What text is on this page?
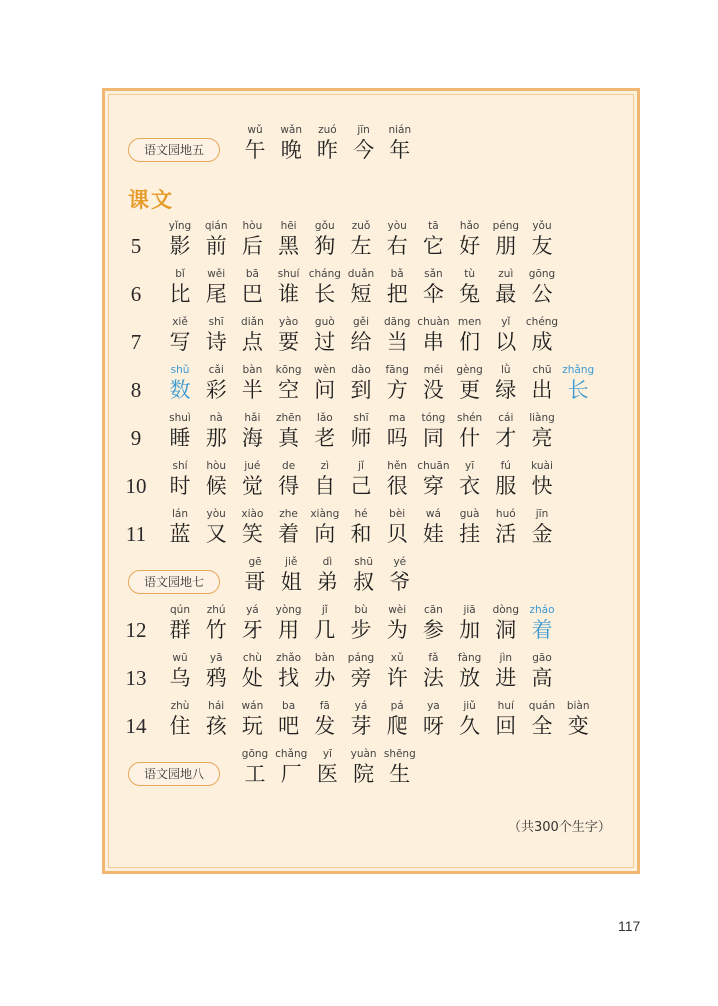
课文
语文园地五
wǔ
午
wǎn
晚
zuó
昨
jīn
今
nián
年
5
yǐng
影
qián
前
hòu
后
hēi
黑
gǒu
狗
zuǒ
左
yòu
右
tā
它
hǎo
好
péng
朋
yǒu
友
6
bǐ
比
wěi
尾
bā
巴
shuí
谁
cháng
长
duǎn
短
bǎ
把
sǎn
伞
tù
兔
zuì
最
gōng
公
7
xiě
写
shī
诗
diǎn
点
yào
要
guò
过
gěi
给
dāng
当
chuàn
串
men
们
yǐ
以
chéng
成
8
shǔ
数
cǎi
彩
bàn
半
kōng
空
wèn
问
dào
到
fāng
方
méi
没
gèng
更
lǜ
绿
chū
出
zhǎng
长
9
shuì
睡
nà
那
hǎi
海
zhēn
真
lǎo
老
shī
师
ma
吗
tóng
同
shén
什
cái
才
liàng
亮
10
shí
时
hòu
候
jué
觉
de
得
zì
自
jǐ
己
hěn
很
chuān
穿
yī
衣
fú
服
kuài
快
11
lán
蓝
yòu
又
xiào
笑
zhe
着
xiàng
向
hé
和
bèi
贝
wá
娃
guà
挂
huó
活
jīn
金
语文园地七
gē
哥
jiě
姐
dì
弟
shū
叔
yé
爷
12
qún
群
zhú
竹
yá
牙
yòng
用
jǐ
几
bù
步
wèi
为
cān
参
jiā
加
dòng
洞
zháo
着
13
wū
乌
yā
鸦
chù
处
zhǎo
找
bàn
办
páng
旁
xǔ
许
fǎ
法
fàng
放
jìn
进
gāo
高
14
zhù
住
hái
孩
wán
玩
ba
吧
fā
发
yá
芽
pá
爬
ya
呀
jiǔ
久
huí
回
quán
全
biàn
变
语文园地八
gōng
工
chǎng
厂
yī
医
yuàn
院
shēng
生
（共300个生字）
117
